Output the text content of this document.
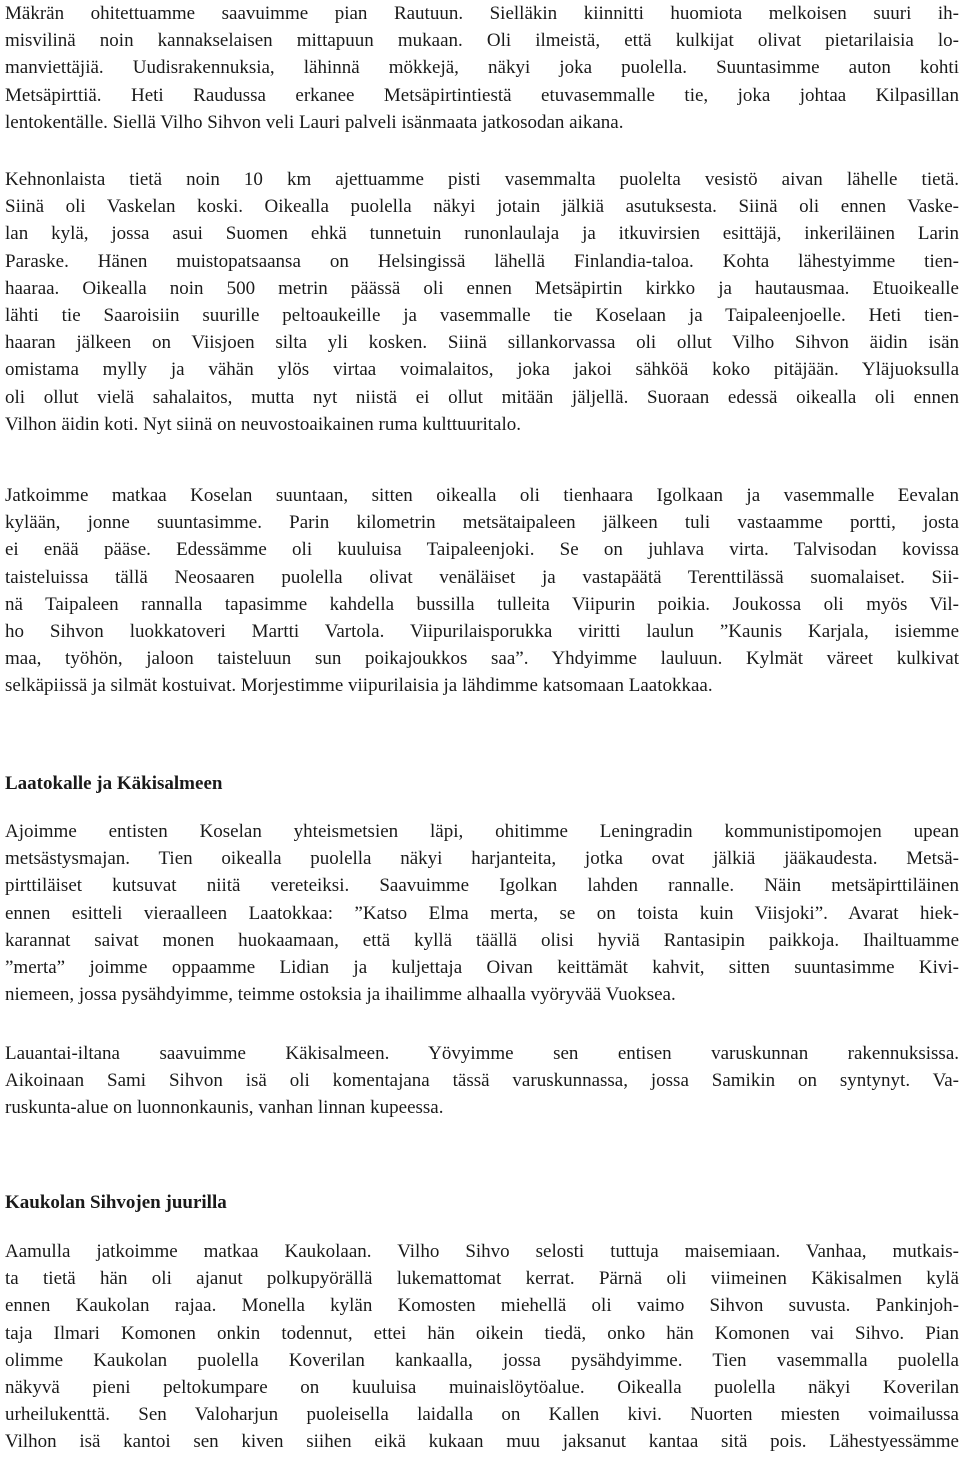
Mäkrän ohitettuamme saavuimme pian Rautuun. Sielläkin kiinnitti huomiota melkoisen suuri ih-
misvilinä noin kannakselaisen mittapuun mukaan. Oli ilmeistä, että kulkijat olivat pietarilaisia lo-
manviettäjiä. Uudisrakennuksia, lähinnä mökkejä, näkyi joka puolella. Suuntasimme auton kohti
Metsäpirttiä. Heti Raudussa erkanee Metsäpirtintiestä etuvasemmalle tie, joka johtaa Kilpasillan
lentokentälle. Siellä Vilho Sihvon veli Lauri palveli isänmaata jatkosodan aikana.
Kehnonlaista tietä noin 10 km ajettuamme pisti vasemmalta puolelta vesistö aivan lähelle tietä.
Siinä oli Vaskelan koski. Oikealla puolella näkyi jotain jälkiä asutuksesta. Siinä oli ennen Vaske-
lan kylä, jossa asui Suomen ehkä tunnetuin runonlaulaja ja itkuvirsien esittäjä, inkeriläinen Larin
Paraske. Hänen muistopatsaansa on Helsingissä lähellä Finlandia-taloa. Kohta lähestyimme tien-
haaraa. Oikealla noin 500 metrin päässä oli ennen Metsäpirtin kirkko ja hautausmaa. Etuoikealle
lähti tie Saaroisiin suurille peltoaukeille ja vasemmalle tie Koselaan ja Taipaleenjoelle. Heti tien-
haaran jälkeen on Viisjoen silta yli kosken. Siinä sillankorvassa oli ollut Vilho Sihvon äidin isän
omistama mylly ja vähän ylös virtaa voimalaitos, joka jakoi sähköä koko pitäjään. Yläjuoksulla
oli ollut vielä sahalaitos, mutta nyt niistä ei ollut mitään jäljellä. Suoraan edessä oikealla oli ennen
Vilhon äidin koti. Nyt siinä on neuvostoaikainen ruma kulttuuritalo.
Jatkoimme matkaa Koselan suuntaan, sitten oikealla oli tienhaara Igolkaan ja vasemmalle Eevalan
kylään, jonne suuntasimme. Parin kilometrin metsätaipaleen jälkeen tuli vastaamme portti, josta
ei enää pääse. Edessämme oli kuuluisa Taipaleenjoki. Se on juhlava virta. Talvisodan kovissa
taisteluissa tällä Neosaaren puolella olivat venäläiset ja vastapäätä Terenttilässä suomalaiset. Sii-
nä Taipaleen rannalla tapasimme kahdella bussilla tulleita Viipurin poikia. Joukossa oli myös Vil-
ho Sihvon luokkatoveri Martti Vartola. Viipurilaisporukka viritti laulun ”Kaunis Karjala, isiemme
maa, työhön, jaloon taisteluun sun poikajoukkos saa”. Yhdyimme lauluun. Kylmät väreet kulkivat
selkäpiissä ja silmät kostuivat. Morjestimme viipurilaisia ja lähdimme katsomaan Laatokkaa.
Laatokalle ja Käkisalmeen
Ajoimme entisten Koselan yhteismetsien läpi, ohitimme Leningradin kommunistipomojen upean
metsästysmajan. Tien oikealla puolella näkyi harjanteita, jotka ovat jälkiä jääkaudesta. Metsä-
pirttiläiset kutsuvat niitä vereteiksi. Saavuimme Igolkan lahden rannalle. Näin metsäpirttiläinen
ennen esitteli vieraalleen Laatokkaa: ”Katso Elma merta, se on toista kuin Viisjoki”. Avarat hiek-
karannat saivat monen huokaamaan, että kyllä täällä olisi hyviä Rantasipin paikkoja. Ihailtuamme
”merta” joimme oppaamme Lidian ja kuljettaja Oivan keittämät kahvit, sitten suuntasimme Kivi-
niemeen, jossa pysähdyimme, teimme ostoksia ja ihailimme alhaalla vyöryvää Vuoksea.
Lauantai-iltana saavuimme Käkisalmeen. Yövyimme sen entisen varuskunnan rakennuksissa.
Aikoinaan Sami Sihvon isä oli komentajana tässä varuskunnassa, jossa Samikin on syntynyt. Va-
ruskunta-alue on luonnonkaunis, vanhan linnan kupeessa.
Kaukolan Sihvojen juurilla
Aamulla jatkoimme matkaa Kaukolaan. Vilho Sihvo selosti tuttuja maisemiaan. Vanhaa, mutkais-
ta tietä hän oli ajanut polkupyörällä lukemattomat kerrat. Pärnä oli viimeinen Käkisalmen kylä
ennen Kaukolan rajaa. Monella kylän Komosten miehellä oli vaimo Sihvon suvusta. Pankinjoh-
taja Ilmari Komonen onkin todennut, ettei hän oikein tiedä, onko hän Komonen vai Sihvo. Pian
olimme Kaukolan puolella Koverilan kankaalla, jossa pysähdyimme. Tien vasemmalla puolella
näkyvä pieni peltokumpare on kuuluisa muinaislöytöalue. Oikealla puolella näkyi Koverilan
urheilukenttä. Sen Valoharjun puoleisella laidalla on Kallen kivi. Nuorten miesten voimailussa
Vilhon isä kantoi sen kiven siihen eikä kukaan muu jaksanut kantaa sitä pois. Lähestyessämme
